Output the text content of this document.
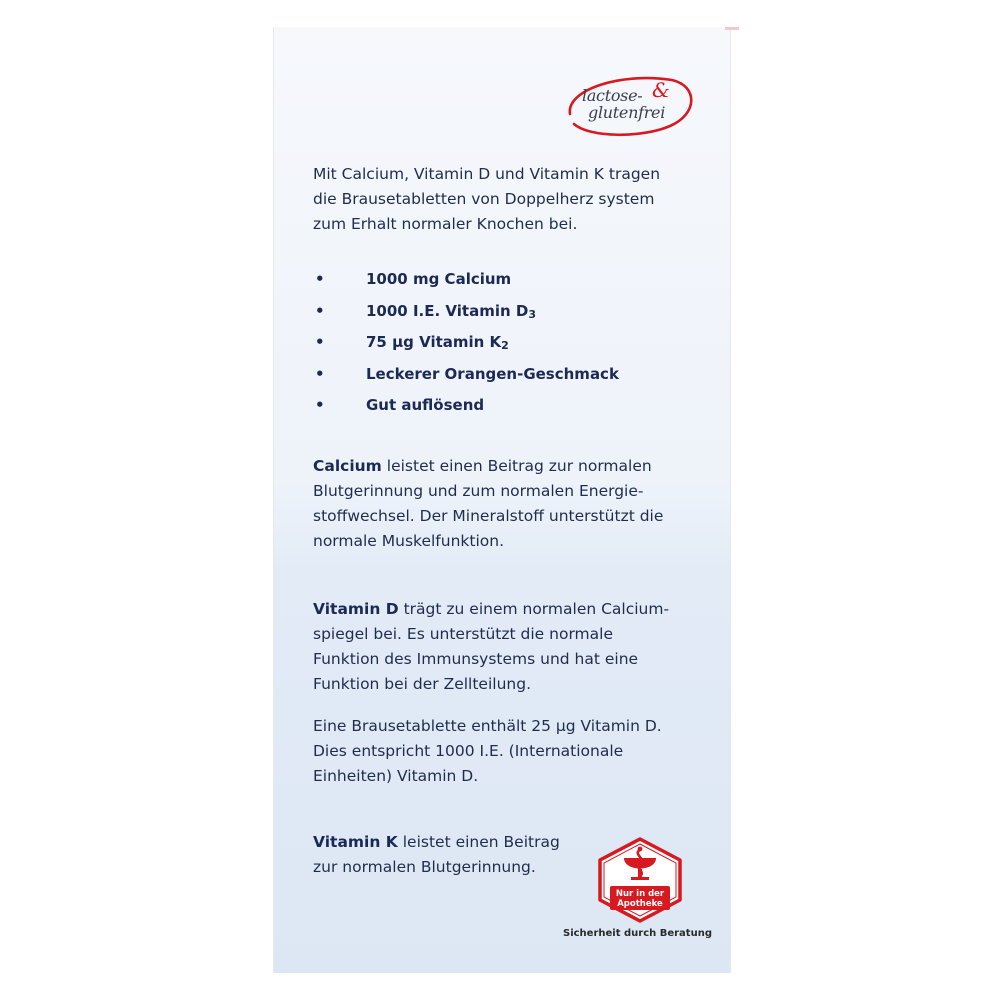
lactose- &
glutenfrei
Mit Calcium, Vitamin D und Vitamin K tragen
die Brausetabletten von Doppelherz system
zum Erhalt normaler Knochen bei.
•	1000 mg Calcium
•	1000 I.E. Vitamin D3
•	75 µg Vitamin K2
•	Leckerer Orangen-Geschmack
•	Gut auflösend
Calcium leistet einen Beitrag zur normalen
Blutgerinnung und zum normalen Energie-
stoffwechsel. Der Mineralstoff unterstützt die
normale Muskelfunktion.
Vitamin D trägt zu einem normalen Calcium-
spiegel bei. Es unterstützt die normale
Funktion des Immunsystems und hat eine
Funktion bei der Zellteilung.
Eine Brausetablette enthält 25 µg Vitamin D.
Dies entspricht 1000 I.E. (Internationale
Einheiten) Vitamin D.
Vitamin K leistet einen Beitrag
zur normalen Blutgerinnung.
Nur in der
Apotheke
Sicherheit durch Beratung
